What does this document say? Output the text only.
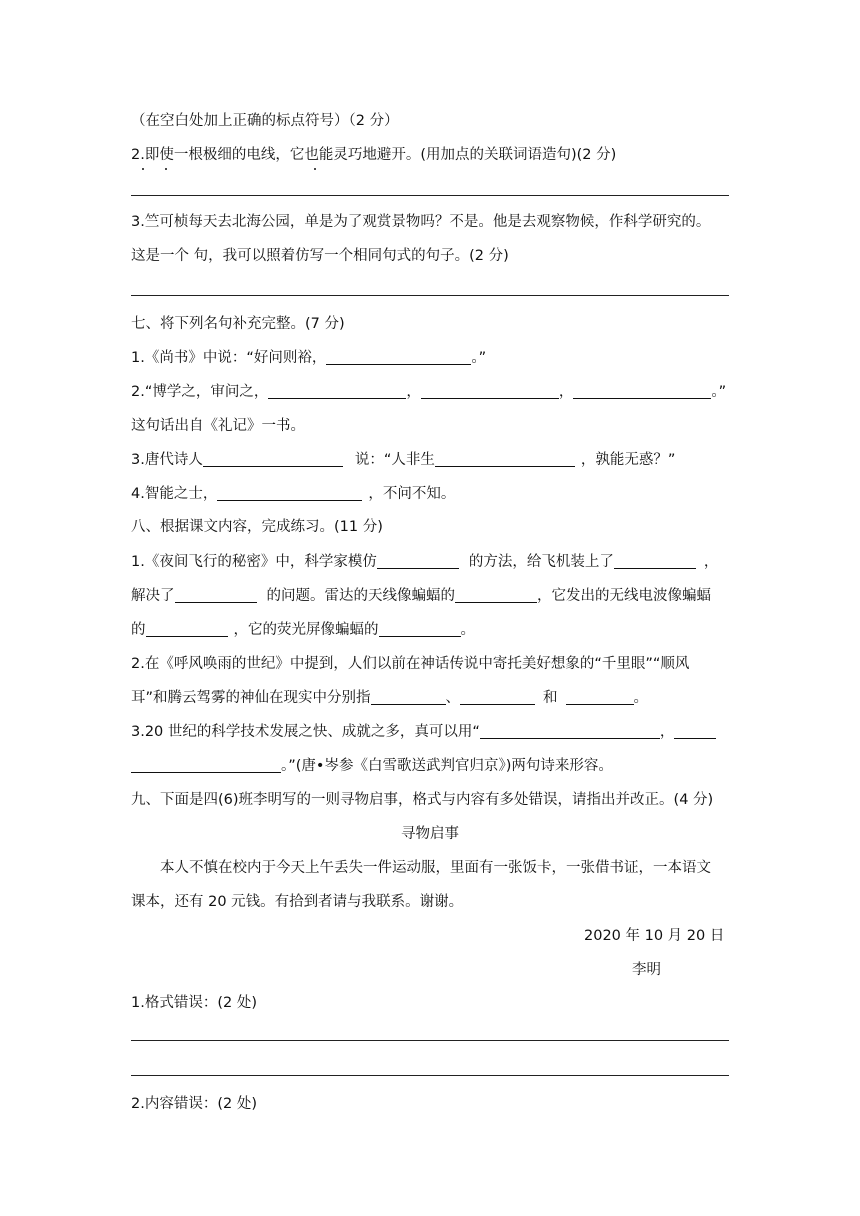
（在空白处加上正确的标点符号）（2 分）
2.即使一根极细的电线，它也能灵巧地避开。(用加点的关联词语造句)(2 分)
3.竺可桢每天去北海公园，单是为了观赏景物吗？不是。他是去观察物候，作科学研究的。
这是一个 句，我可以照着仿写一个相同句式的句子。(2 分)
七、将下列名句补充完整。(7 分)
1.《尚书》中说：“好问则裕，	。”
2.“博学之，审问之，	，	，	。”
这句话出自《礼记》一书。
3.唐代诗人	说：“人非生	，孰能无惑？”
4.智能之士，	，不问不知。
八、根据课文内容，完成练习。(11 分)
1.《夜间飞行的秘密》中，科学家模仿	的方法，给飞机装上了	，
解决了	的问题。雷达的天线像蝙蝠的	，它发出的无线电波像蝙蝠
的	，它的荧光屏像蝙蝠的	。
2.在《呼风唤雨的世纪》中提到，人们以前在神话传说中寄托美好想象的“千里眼”“顺风
耳”和腾云驾雾的神仙在现实中分别指	、	和	。
3.20 世纪的科学技术发展之快、成就之多，真可以用“	，
。”(唐•岑参《白雪歌送武判官归京》)两句诗来形容。
九、下面是四(6)班李明写的一则寻物启事，格式与内容有多处错误，请指出并改正。(4 分)
寻物启事
本人不慎在校内于今天上午丢失一件运动服，里面有一张饭卡，一张借书证，一本语文
课本，还有 20 元钱。有拾到者请与我联系。谢谢。
2020 年 10 月 20 日
李明
1.格式错误：(2 处)
2.内容错误：(2 处)
